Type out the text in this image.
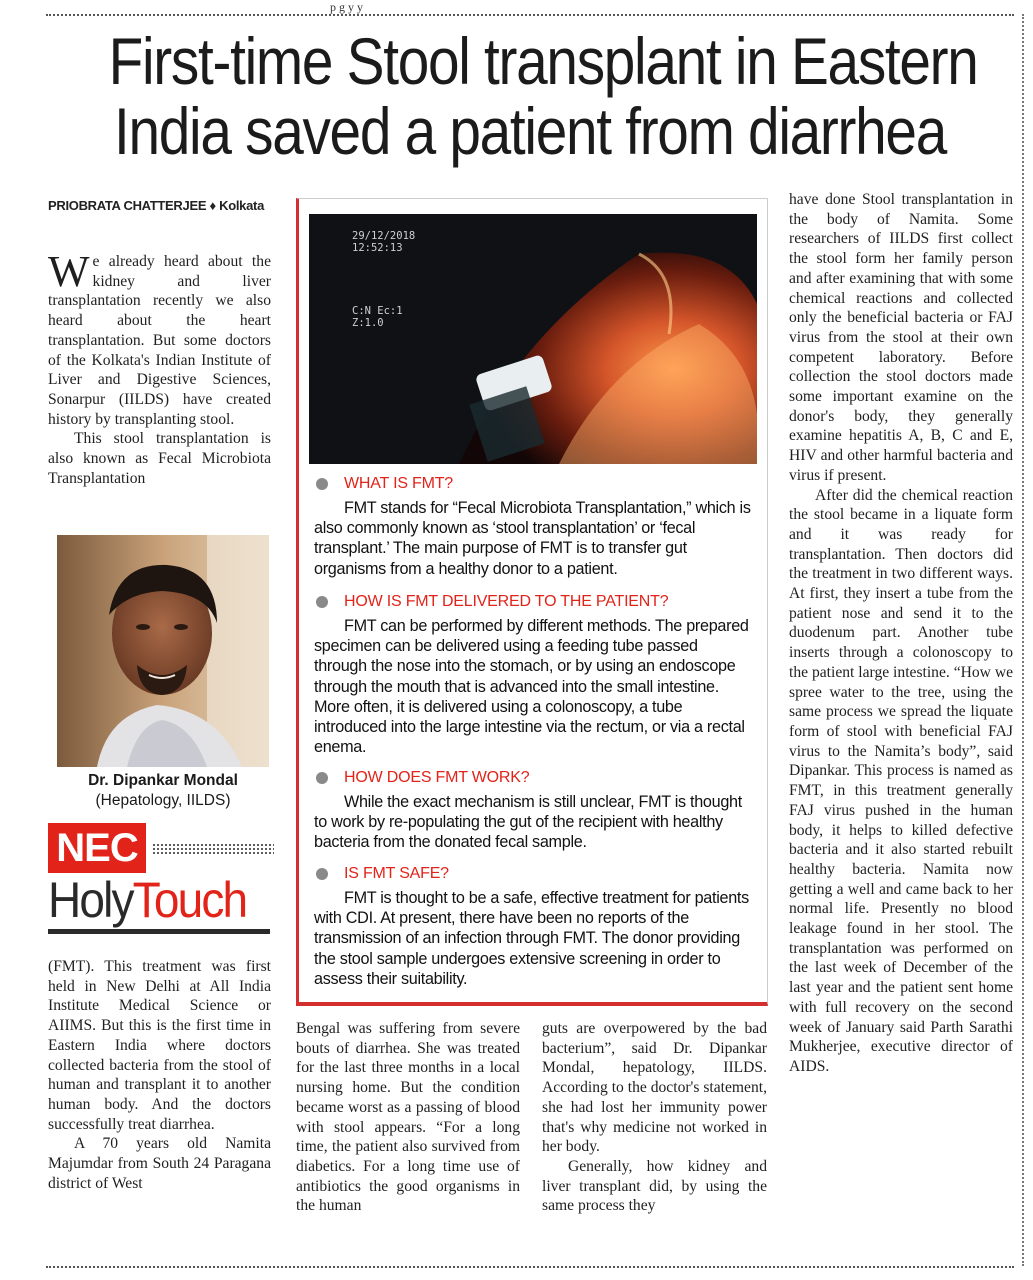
p g y y
First-time Stool transplant in Eastern
India saved a patient from diarrhea
PRIOBRATA CHATTERJEE ♦ Kolkata

We already heard about the kidney and liver transplantation recently we also heard about the heart transplantation. But some doctors of the Kolkata's Indian Institute of Liver and Digestive Sciences, Sonarpur (IILDS) have created history by transplanting stool.

This stool transplantation is also known as Fecal Microbiota Transplantation

Dr. Dipankar Mondal
(Hepatology, IILDS)
NEC
HolyTouch

(FMT). This treatment was first held in New Delhi at All India Institute Medical Science or AIIMS. But this is the first time in Eastern India where doctors collected bacteria from the stool of human and transplant it to another human body. And the doctors successfully treat diarrhea.

A 70 years old Namita Majumdar from South 24 Paragana district of West

29/12/2018
12:52:13
C:N Ec:1
Z:1.0
WHAT IS FMT?
FMT stands for “Fecal Microbiota Transplantation,” which is also commonly known as ‘stool transplantation’ or ‘fecal transplant.’ The main purpose of FMT is to transfer gut organisms from a healthy donor to a patient.
HOW IS FMT DELIVERED TO THE PATIENT?
FMT can be performed by different methods. The prepared specimen can be delivered using a feeding tube passed through the nose into the stomach, or by using an endoscope through the mouth that is advanced into the small intestine. More often, it is delivered using a colonoscopy, a tube introduced into the large intestine via the rectum, or via a rectal enema.
HOW DOES FMT WORK?
While the exact mechanism is still unclear, FMT is thought to work by re-populating the gut of the recipient with healthy bacteria from the donated fecal sample.
IS FMT SAFE?
FMT is thought to be a safe, effective treatment for patients with CDI. At present, there have been no reports of the transmission of an infection through FMT. The donor providing the stool sample undergoes extensive screening in order to assess their suitability.

Bengal was suffering from severe bouts of diarrhea. She was treated for the last three months in a local nursing home. But the condition became worst as a passing of blood with stool appears. “For a long time, the patient also survived from diabetics. For a long time use of antibiotics the good organisms in the human

guts are overpowered by the bad bacterium”, said Dr. Dipankar Mondal, hepatology, IILDS. According to the doctor's statement, she had lost her immunity power that's why medicine not worked in her body.

Generally, how kidney and liver transplant did, by using the same process they

have done Stool transplantation in the body of Namita. Some researchers of IILDS first collect the stool form her family person and after examining that with some chemical reactions and collected only the beneficial bacteria or FAJ virus from the stool at their own competent laboratory. Before collection the stool doctors made some important examine on the donor's body, they generally examine hepatitis A, B, C and E, HIV and other harmful bacteria and virus if present.

After did the chemical reaction the stool became in a liquate form and it was ready for transplantation. Then doctors did the treatment in two different ways. At first, they insert a tube from the patient nose and send it to the duodenum part. Another tube inserts through a colonoscopy to the patient large intestine. “How we spree water to the tree, using the same process we spread the liquate form of stool with beneficial FAJ virus to the Namita’s body”, said Dipankar. This process is named as FMT, in this treatment generally FAJ virus pushed in the human body, it helps to killed defective bacteria and it also started rebuilt healthy bacteria. Namita now getting a well and came back to her normal life. Presently no blood leakage found in her stool. The transplantation was performed on the last week of December of the last year and the patient sent home with full recovery on the second week of January said Parth Sarathi Mukherjee, executive director of AIDS.
